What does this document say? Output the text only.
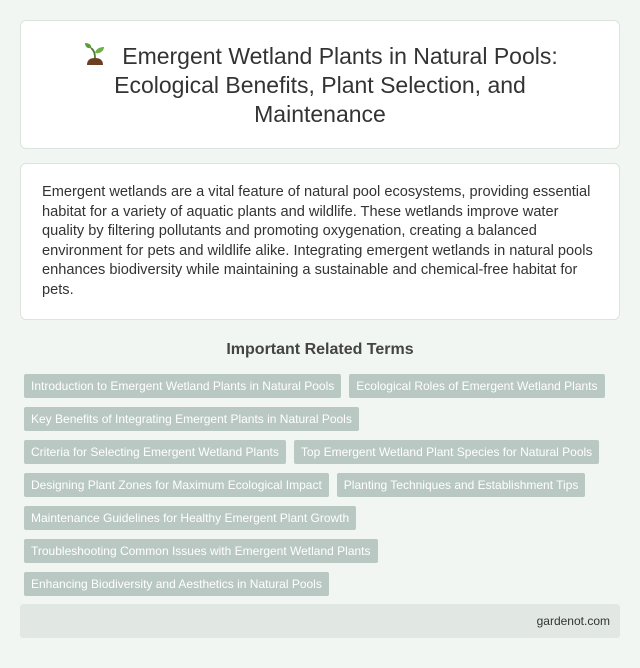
Emergent Wetland Plants in Natural Pools: Ecological Benefits, Plant Selection, and Maintenance

Emergent wetlands are a vital feature of natural pool ecosystems, providing essential habitat for a variety of aquatic plants and wildlife. These wetlands improve water quality by filtering pollutants and promoting oxygenation, creating a balanced environment for pets and wildlife alike. Integrating emergent wetlands in natural pools enhances biodiversity while maintaining a sustainable and chemical-free habitat for pets.

Important Related Terms
Introduction to Emergent Wetland Plants in Natural Pools	Ecological Roles of Emergent Wetland Plants
Key Benefits of Integrating Emergent Plants in Natural Pools
Criteria for Selecting Emergent Wetland Plants	Top Emergent Wetland Plant Species for Natural Pools
Designing Plant Zones for Maximum Ecological Impact	Planting Techniques and Establishment Tips
Maintenance Guidelines for Healthy Emergent Plant Growth
Troubleshooting Common Issues with Emergent Wetland Plants
Enhancing Biodiversity and Aesthetics in Natural Pools
gardenot.com
